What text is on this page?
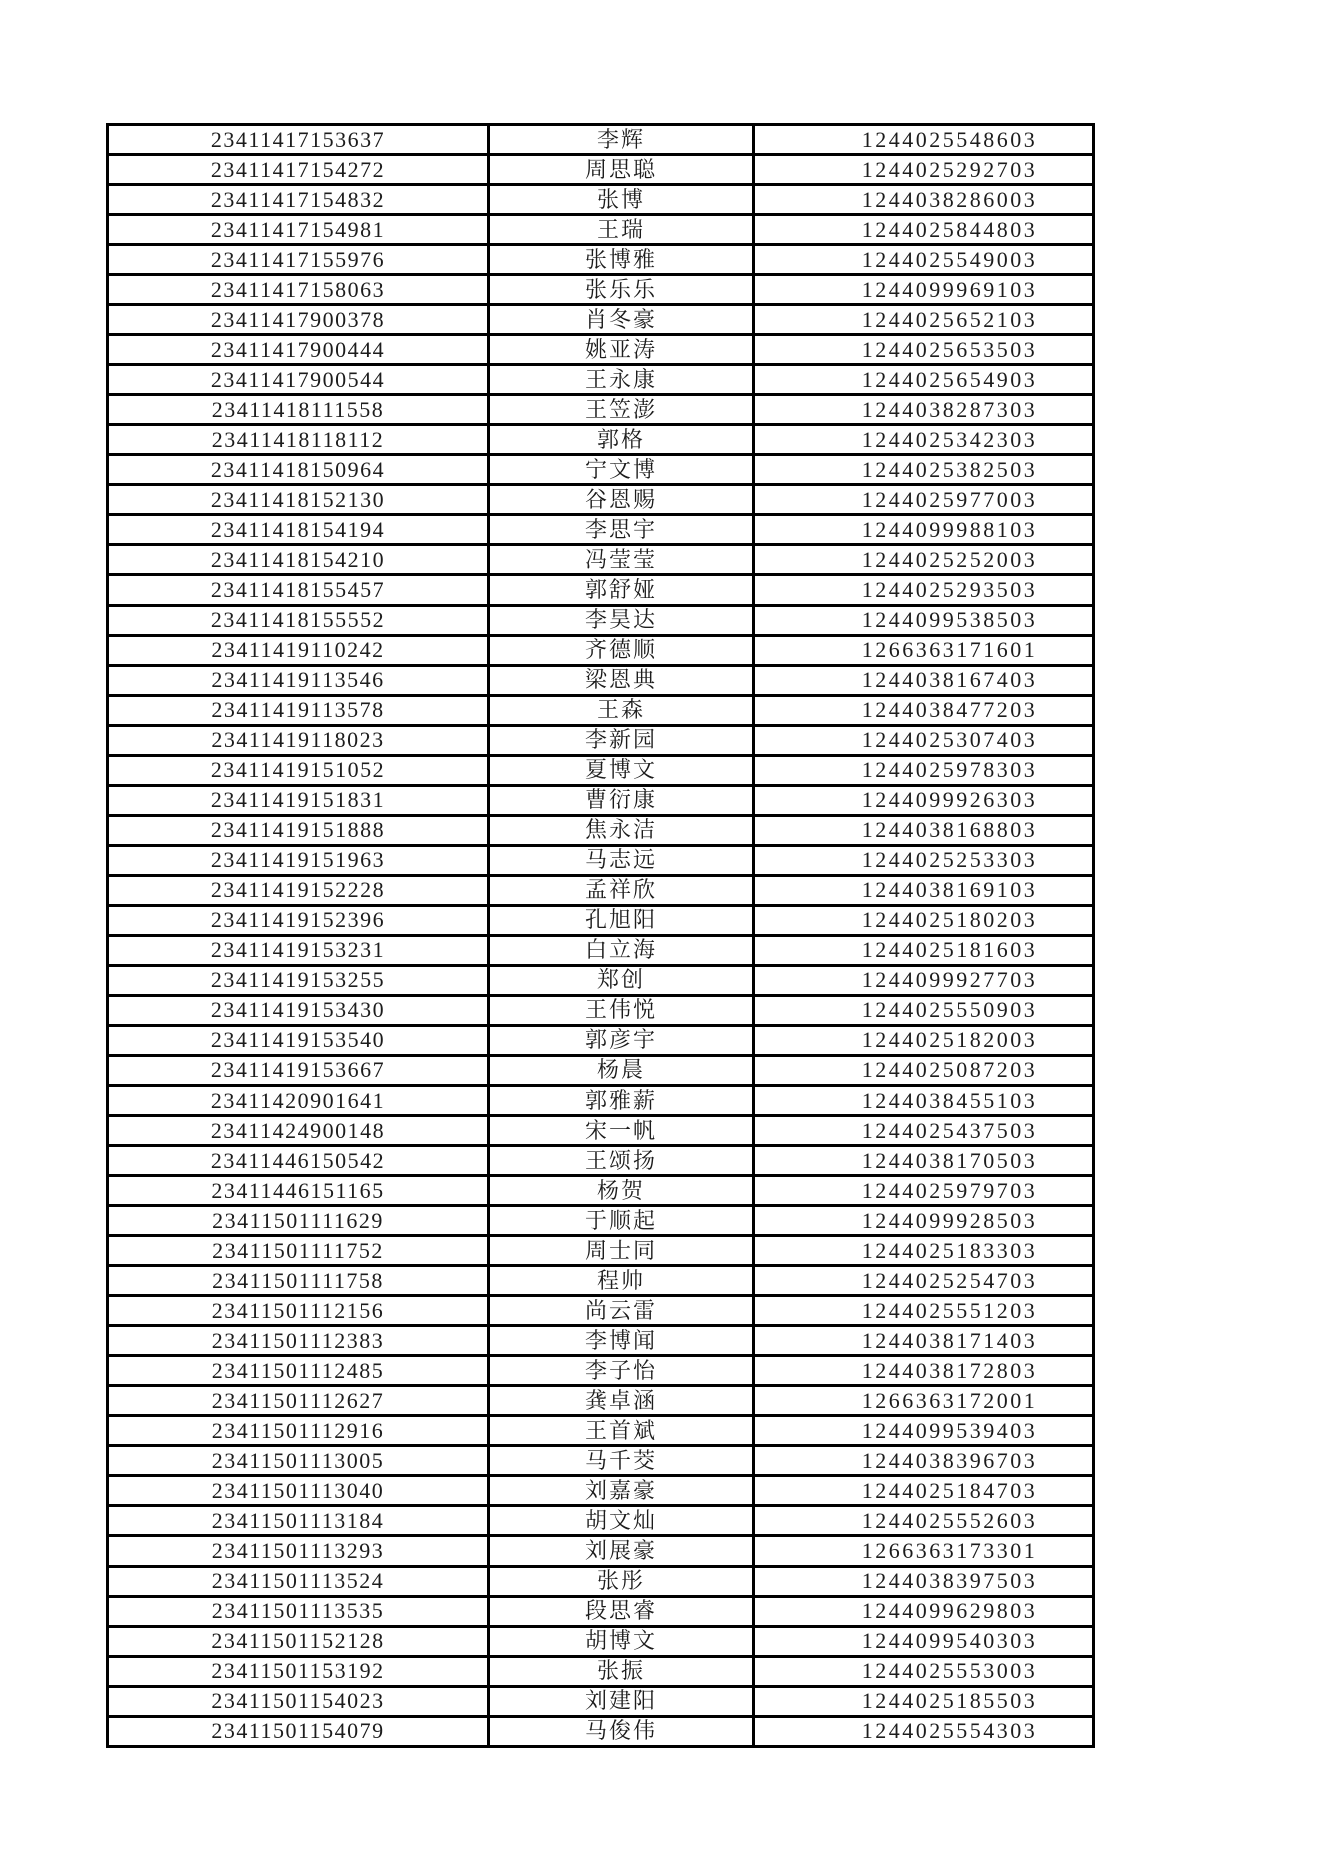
23411417153637	李辉	1244025548603
23411417154272	周思聪	1244025292703
23411417154832	张博	1244038286003
23411417154981	王瑞	1244025844803
23411417155976	张博雅	1244025549003
23411417158063	张乐乐	1244099969103
23411417900378	肖冬豪	1244025652103
23411417900444	姚亚涛	1244025653503
23411417900544	王永康	1244025654903
23411418111558	王笠澎	1244038287303
23411418118112	郭格	1244025342303
23411418150964	宁文博	1244025382503
23411418152130	谷恩赐	1244025977003
23411418154194	李思宇	1244099988103
23411418154210	冯莹莹	1244025252003
23411418155457	郭舒娅	1244025293503
23411418155552	李昊达	1244099538503
23411419110242	齐德顺	1266363171601
23411419113546	梁恩典	1244038167403
23411419113578	王森	1244038477203
23411419118023	李新园	1244025307403
23411419151052	夏博文	1244025978303
23411419151831	曹衍康	1244099926303
23411419151888	焦永洁	1244038168803
23411419151963	马志远	1244025253303
23411419152228	孟祥欣	1244038169103
23411419152396	孔旭阳	1244025180203
23411419153231	白立海	1244025181603
23411419153255	郑创	1244099927703
23411419153430	王伟悦	1244025550903
23411419153540	郭彦宇	1244025182003
23411419153667	杨晨	1244025087203
23411420901641	郭雅薪	1244038455103
23411424900148	宋一帆	1244025437503
23411446150542	王颂扬	1244038170503
23411446151165	杨贺	1244025979703
23411501111629	于顺起	1244099928503
23411501111752	周士同	1244025183303
23411501111758	程帅	1244025254703
23411501112156	尚云雷	1244025551203
23411501112383	李博闻	1244038171403
23411501112485	李子怡	1244038172803
23411501112627	龚卓涵	1266363172001
23411501112916	王首斌	1244099539403
23411501113005	马千茭	1244038396703
23411501113040	刘嘉豪	1244025184703
23411501113184	胡文灿	1244025552603
23411501113293	刘展豪	1266363173301
23411501113524	张彤	1244038397503
23411501113535	段思睿	1244099629803
23411501152128	胡博文	1244099540303
23411501153192	张振	1244025553003
23411501154023	刘建阳	1244025185503
23411501154079	马俊伟	1244025554303
